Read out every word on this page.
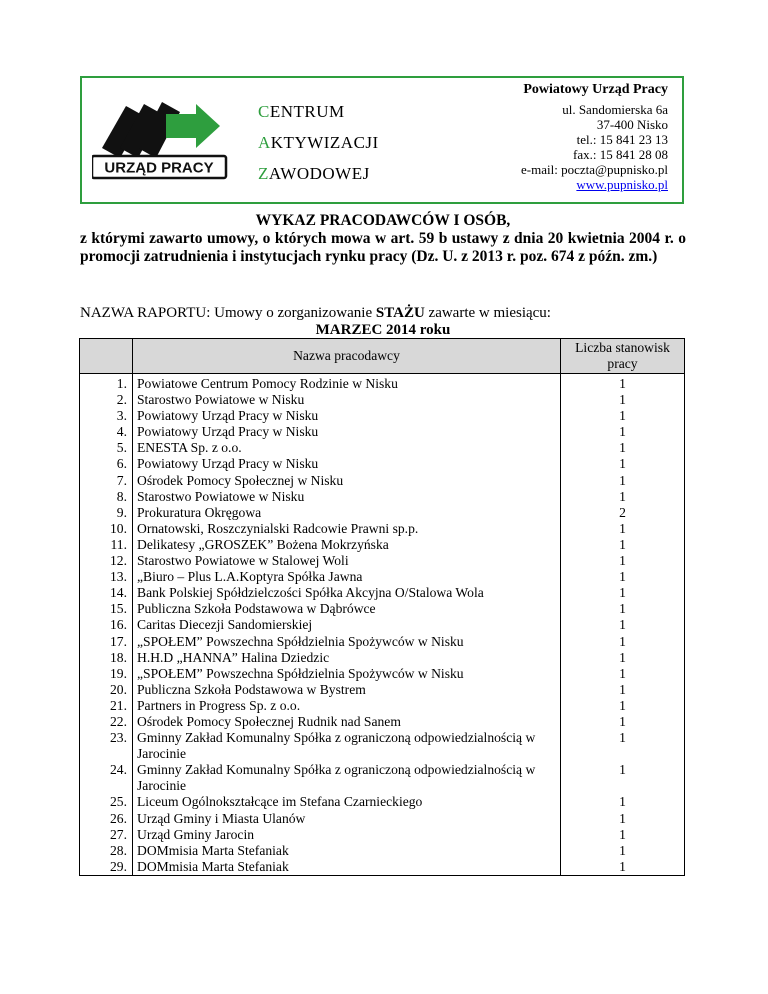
URZĄD PRACY
CENTRUM
AKTYWIZACJI
ZAWODOWEJ
Powiatowy Urząd Pracy
ul. Sandomierska 6a
37-400 Nisko
tel.: 15 841 23 13
fax.: 15 841 28 08
e-mail: poczta@pupnisko.pl
www.pupnisko.pl
WYKAZ PRACODAWCÓW I OSÓB,
z którymi zawarto umowy, o których mowa w art. 59 b ustawy z dnia 20 kwietnia 2004 r. o promocji zatrudnienia i instytucjach rynku pracy (Dz. U. z 2013 r. poz. 674 z późn. zm.)
NAZWA RAPORTU: Umowy o zorganizowanie STAŻU zawarte w miesiącu:
MARZEC 2014 roku
	Nazwa pracodawcy	Liczba stanowisk pracy
1.	Powiatowe Centrum Pomocy Rodzinie w Nisku	1
2.	Starostwo Powiatowe w Nisku	1
3.	Powiatowy Urząd Pracy w Nisku	1
4.	Powiatowy Urząd Pracy w Nisku	1
5.	ENESTA Sp. z o.o.	1
6.	Powiatowy Urząd Pracy w Nisku	1
7.	Ośrodek Pomocy Społecznej w Nisku	1
8.	Starostwo Powiatowe w Nisku	1
9.	Prokuratura Okręgowa	2
10.	Ornatowski, Roszczynialski Radcowie Prawni sp.p.	1
11.	Delikatesy „GROSZEK” Bożena Mokrzyńska	1
12.	Starostwo Powiatowe w Stalowej Woli	1
13.	„Biuro – Plus L.A.Koptyra Spółka Jawna	1
14.	Bank Polskiej Spółdzielczości Spółka Akcyjna O/Stalowa Wola	1
15.	Publiczna Szkoła Podstawowa w Dąbrówce	1
16.	Caritas Diecezji Sandomierskiej	1
17.	„SPOŁEM” Powszechna Spółdzielnia Spożywców w Nisku	1
18.	H.H.D „HANNA” Halina Dziedzic	1
19.	„SPOŁEM” Powszechna Spółdzielnia Spożywców w Nisku	1
20.	Publiczna Szkoła Podstawowa w Bystrem	1
21.	Partners in Progress Sp. z o.o.	1
22.	Ośrodek Pomocy Społecznej Rudnik nad Sanem	1
23.	Gminny Zakład Komunalny Spółka z ograniczoną odpowiedzialnością w Jarocinie	1
24.	Gminny Zakład Komunalny Spółka z ograniczoną odpowiedzialnością w Jarocinie	1
25.	Liceum Ogólnokształcące im Stefana Czarnieckiego	1
26.	Urząd Gminy i Miasta Ulanów	1
27.	Urząd Gminy Jarocin	1
28.	DOMmisia Marta Stefaniak	1
29.	DOMmisia Marta Stefaniak	1
